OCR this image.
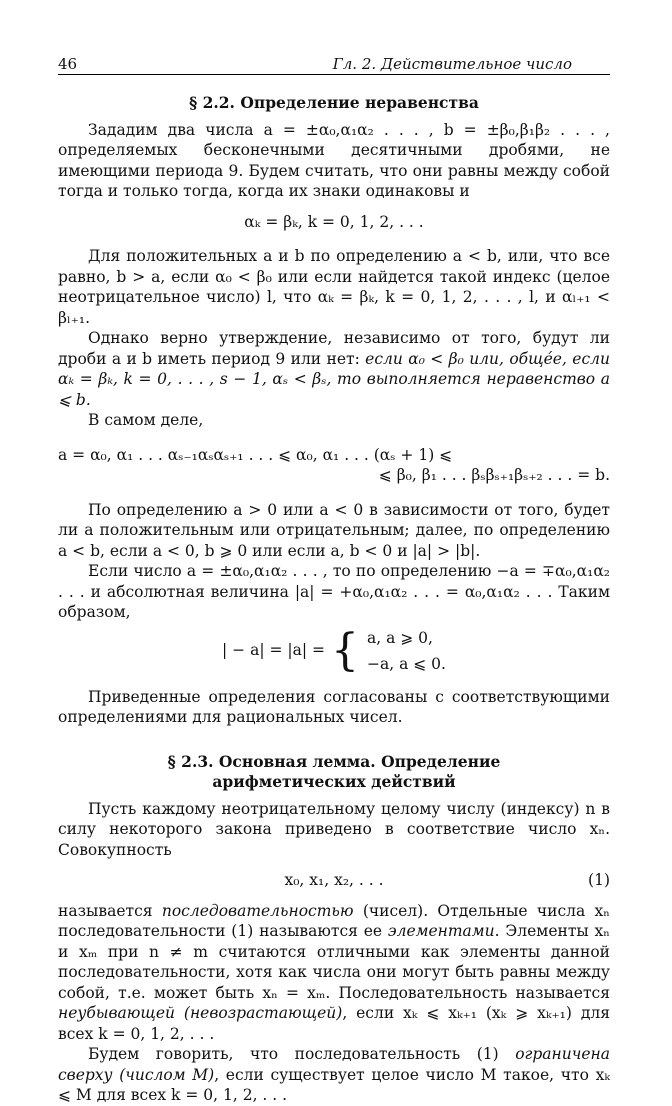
46	Гл. 2. Действительное число
§ 2.2. Определение неравенства

Зададим два числа a = ±α₀,α₁α₂ . . . , b = ±β₀,β₁β₂ . . . , определяемых бесконечными десятичными дробями, не имеющими периода 9. Будем считать, что они равны между собой тогда и только тогда, когда их знаки одинаковы и

αₖ = βₖ, k = 0, 1, 2, . . .

Для положительных a и b по определению a < b, или, что все равно, b > a, если α₀ < β₀ или если найдется такой индекс (целое неотрицательное число) l, что αₖ = βₖ, k = 0, 1, 2, . . . , l, и αₗ₊₁ < βₗ₊₁.

Однако верно утверждение, независимо от того, будут ли дроби a и b иметь период 9 или нет: если α₀ < β₀ или, общée, если αₖ = βₖ, k = 0, . . . , s − 1, αₛ < βₛ, то выполняется неравенство a ⩽ b.

В самом деле,

a = α₀, α₁ . . . αₛ₋₁αₛαₛ₊₁ . . . ⩽ α₀, α₁ . . . (αₛ + 1) ⩽
⩽ β₀, β₁ . . . βₛβₛ₊₁βₛ₊₂ . . . = b.

По определению a > 0 или a < 0 в зависимости от того, будет ли a положительным или отрицательным; далее, по определению a < b, если a < 0, b ⩾ 0 или если a, b < 0 и |a| > |b|.

Если число a = ±α₀,α₁α₂ . . . , то по определению −a = ∓α₀,α₁α₂ . . . и абсолютная величина |a| = +α₀,α₁α₂ . . . = α₀,α₁α₂ . . . Таким образом,

| − a| = |a| = { a, a ⩾ 0,
−a, a ⩽ 0.

Приведенные определения согласованы с соответствующими определениями для рациональных чисел.

§ 2.3. Основная лемма. Определение
арифметических действий

Пусть каждому неотрицательному целому числу (индексу) n в силу некоторого закона приведено в соответствие число xₙ. Совокупность

x₀, x₁, x₂, . . .	(1)

называется последовательностью (чисел). Отдельные числа xₙ последовательности (1) называются ее элементами. Элементы xₙ и xₘ при n ≠ m считаются отличными как элементы данной последовательности, хотя как числа они могут быть равны между собой, т.е. может быть xₙ = xₘ. Последовательность называется неубывающей (невозрастающей), если xₖ ⩽ xₖ₊₁ (xₖ ⩾ xₖ₊₁) для всех k = 0, 1, 2, . . .

Будем говорить, что последовательность (1) ограничена сверху (числом M), если существует целое число M такое, что xₖ ⩽ M для всех k = 0, 1, 2, . . .
